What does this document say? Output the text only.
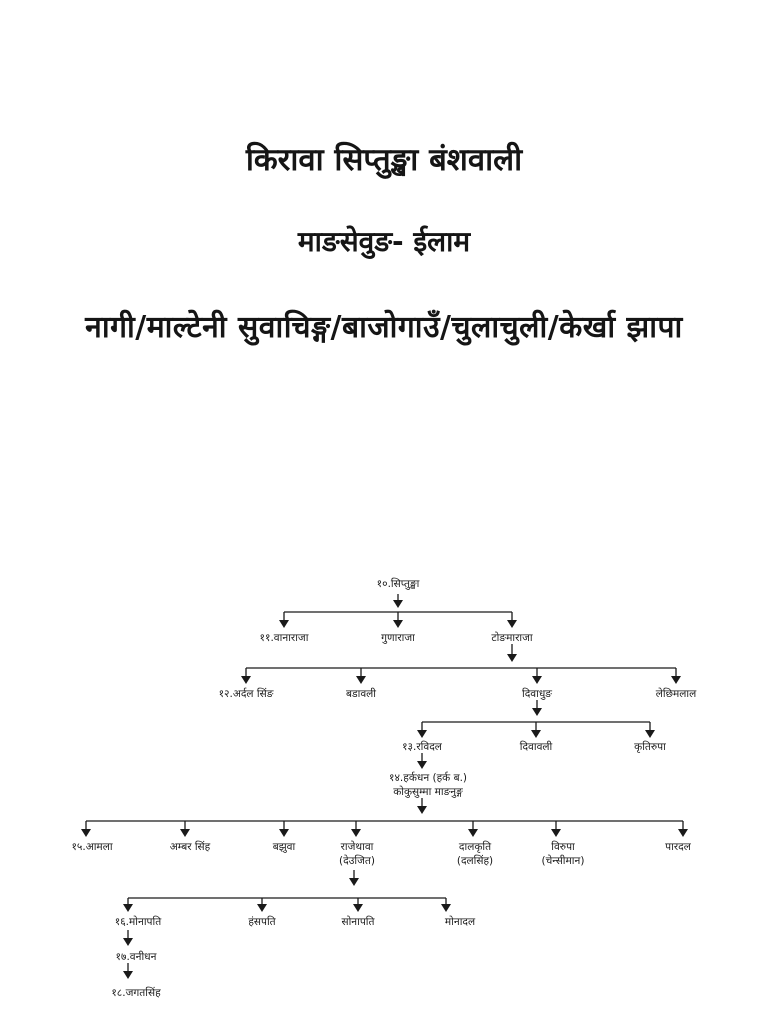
किरावा सिप्तुङ्खा बंशवाली
माङसेवुङ- ईलाम
नागी/माल्टेनी सुवाचिङ्ग/बाजोगाउँ/चुलाचुली/केर्खा झापा
१०.सिप्तुङ्खा
११.वानाराजा	गुणाराजा	टोङमाराजा
१२.अर्दल सिंङ	बडावली	दिवाधुङ	लेछिमलाल
१३.रविदल	दिवावली	कृतिरुपा
१४.हर्कधन (हर्क ब.)
कोकुसुम्मा माङनुङ्ग
१५.आमला	अम्बर सिंह	बझुवा	राजेथावा
(देउजित)
दालकृति
(दलसिंह)
विरुपा
(चेन्सीमान)
पारदल
१६.मोनापति	हंसपति	सोनापति	मोनादल
१७.वनीधन
१८.जगतसिंह
